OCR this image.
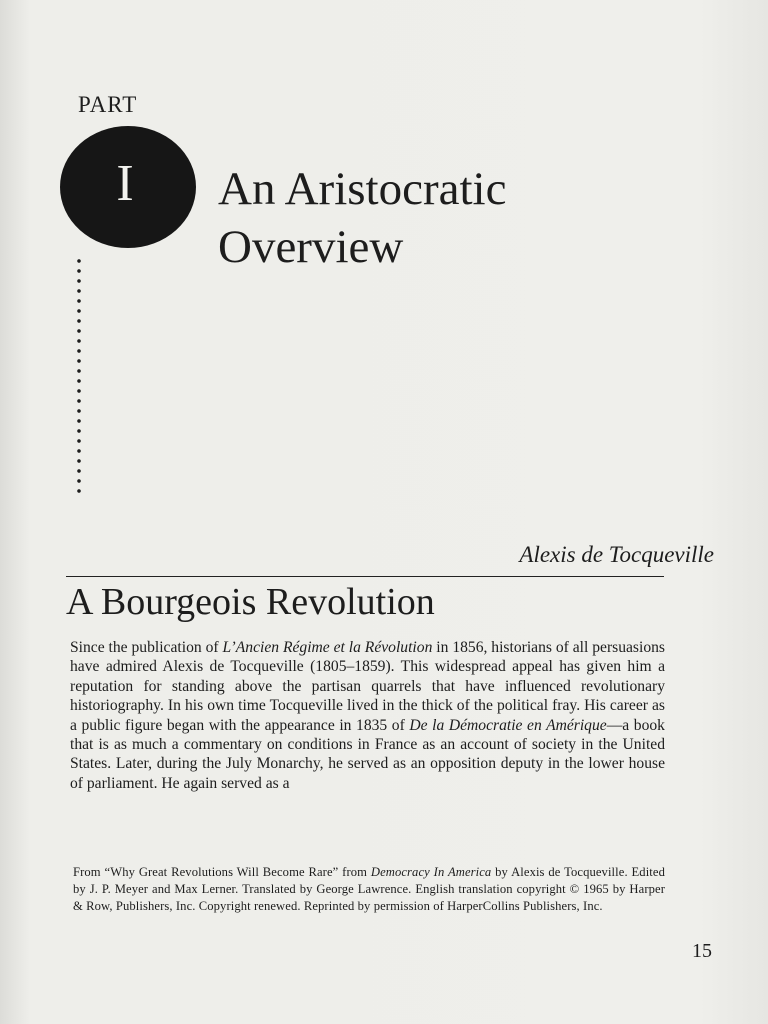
PART
I An Aristocratic
Overview
Alexis de Tocqueville
A Bourgeois Revolution

Since the publication of L’Ancien Régime et la Révolution in 1856, historians of all persuasions have admired Alexis de Tocqueville (1805–1859). This widespread appeal has given him a reputation for standing above the partisan quarrels that have influenced revolutionary historiography. In his own time Tocqueville lived in the thick of the political fray. His career as a public figure began with the appearance in 1835 of De la Démocratie en Amérique—a book that is as much a commentary on conditions in France as an account of society in the United States. Later, during the July Monarchy, he served as an opposition deputy in the lower house of parliament. He again served as a

From “Why Great Revolutions Will Become Rare” from Democracy In America by Alexis de Tocqueville. Edited by J. P. Meyer and Max Lerner. Translated by George Lawrence. English translation copyright © 1965 by Harper & Row, Publishers, Inc. Copyright renewed. Reprinted by permission of HarperCollins Publishers, Inc.

15
